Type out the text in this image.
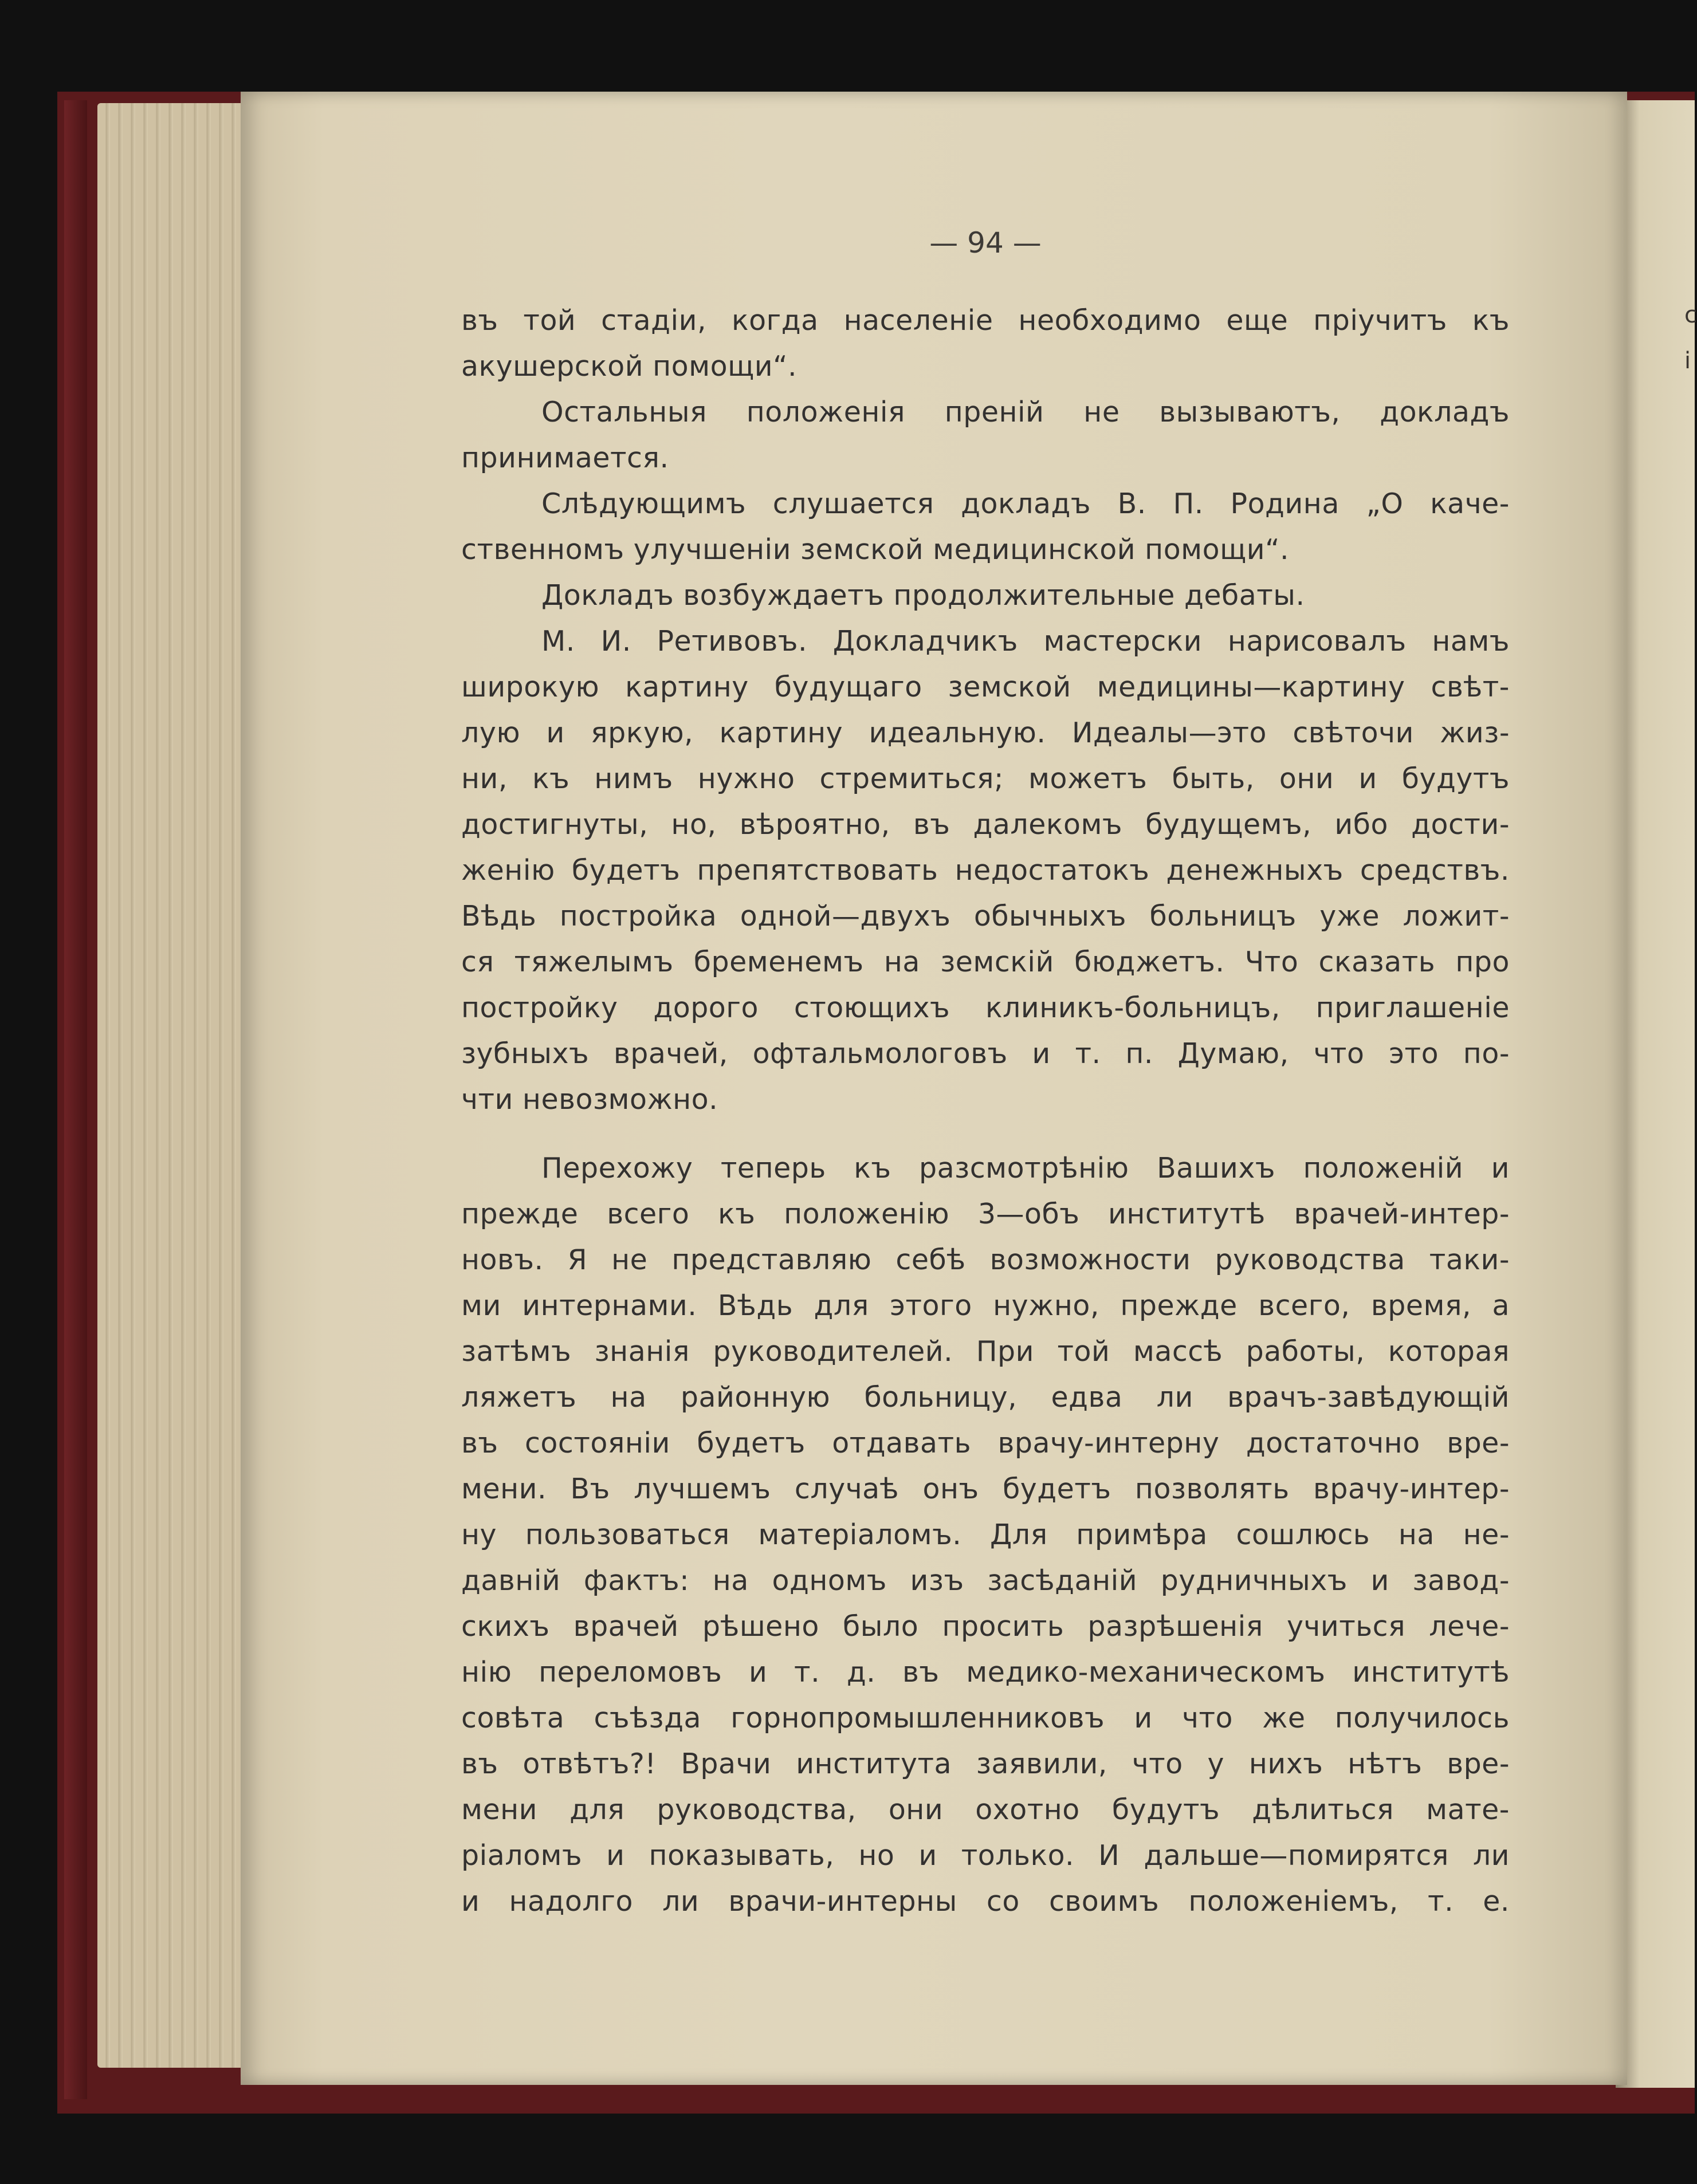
с
і
— 94 —
въ той стадіи, когда населеніе необходимо еще пріучитъ къ
акушерской помощи“.
Остальныя положенія преній не вызываютъ, докладъ
принимается.
Слѣдующимъ слушается докладъ В. П. Родина „О каче-
ственномъ улучшеніи земской медицинской помощи“.
Докладъ возбуждаетъ продолжительные дебаты.
М. И. Ретивовъ. Докладчикъ мастерски нарисовалъ намъ
широкую картину будущаго земской медицины—картину свѣт-
лую и яркую, картину идеальную. Идеалы—это свѣточи жиз-
ни, къ нимъ нужно стремиться; можетъ быть, они и будутъ
достигнуты, но, вѣроятно, въ далекомъ будущемъ, ибо дости-
женію будетъ препятствовать недостатокъ денежныхъ средствъ.
Вѣдь постройка одной—двухъ обычныхъ больницъ уже ложит-
ся тяжелымъ бременемъ на земскій бюджетъ. Что сказать про
постройку дорого стоющихъ клиникъ-больницъ, приглашеніе
зубныхъ врачей, офтальмологовъ и т. п. Думаю, что это по-
чти невозможно.
Перехожу теперь къ разсмотрѣнію Вашихъ положеній и
прежде всего къ положенію 3—объ институтѣ врачей-интер-
новъ. Я не представляю себѣ возможности руководства таки-
ми интернами. Вѣдь для этого нужно, прежде всего, время, а
затѣмъ знанія руководителей. При той массѣ работы, которая
ляжетъ на районную больницу, едва ли врачъ-завѣдующій
въ состояніи будетъ отдавать врачу-интерну достаточно вре-
мени. Въ лучшемъ случаѣ онъ будетъ позволять врачу-интер-
ну пользоваться матеріаломъ. Для примѣра сошлюсь на не-
давній фактъ: на одномъ изъ засѣданій рудничныхъ и завод-
скихъ врачей рѣшено было просить разрѣшенія учиться лече-
нію переломовъ и т. д. въ медико-механическомъ институтѣ
совѣта съѣзда горнопромышленниковъ и что же получилось
въ отвѣтъ?! Врачи института заявили, что у нихъ нѣтъ вре-
мени для руководства, они охотно будутъ дѣлиться мате-
ріаломъ и показывать, но и только. И дальше—помирятся ли
и надолго ли врачи-интерны со своимъ положеніемъ, т. е.
